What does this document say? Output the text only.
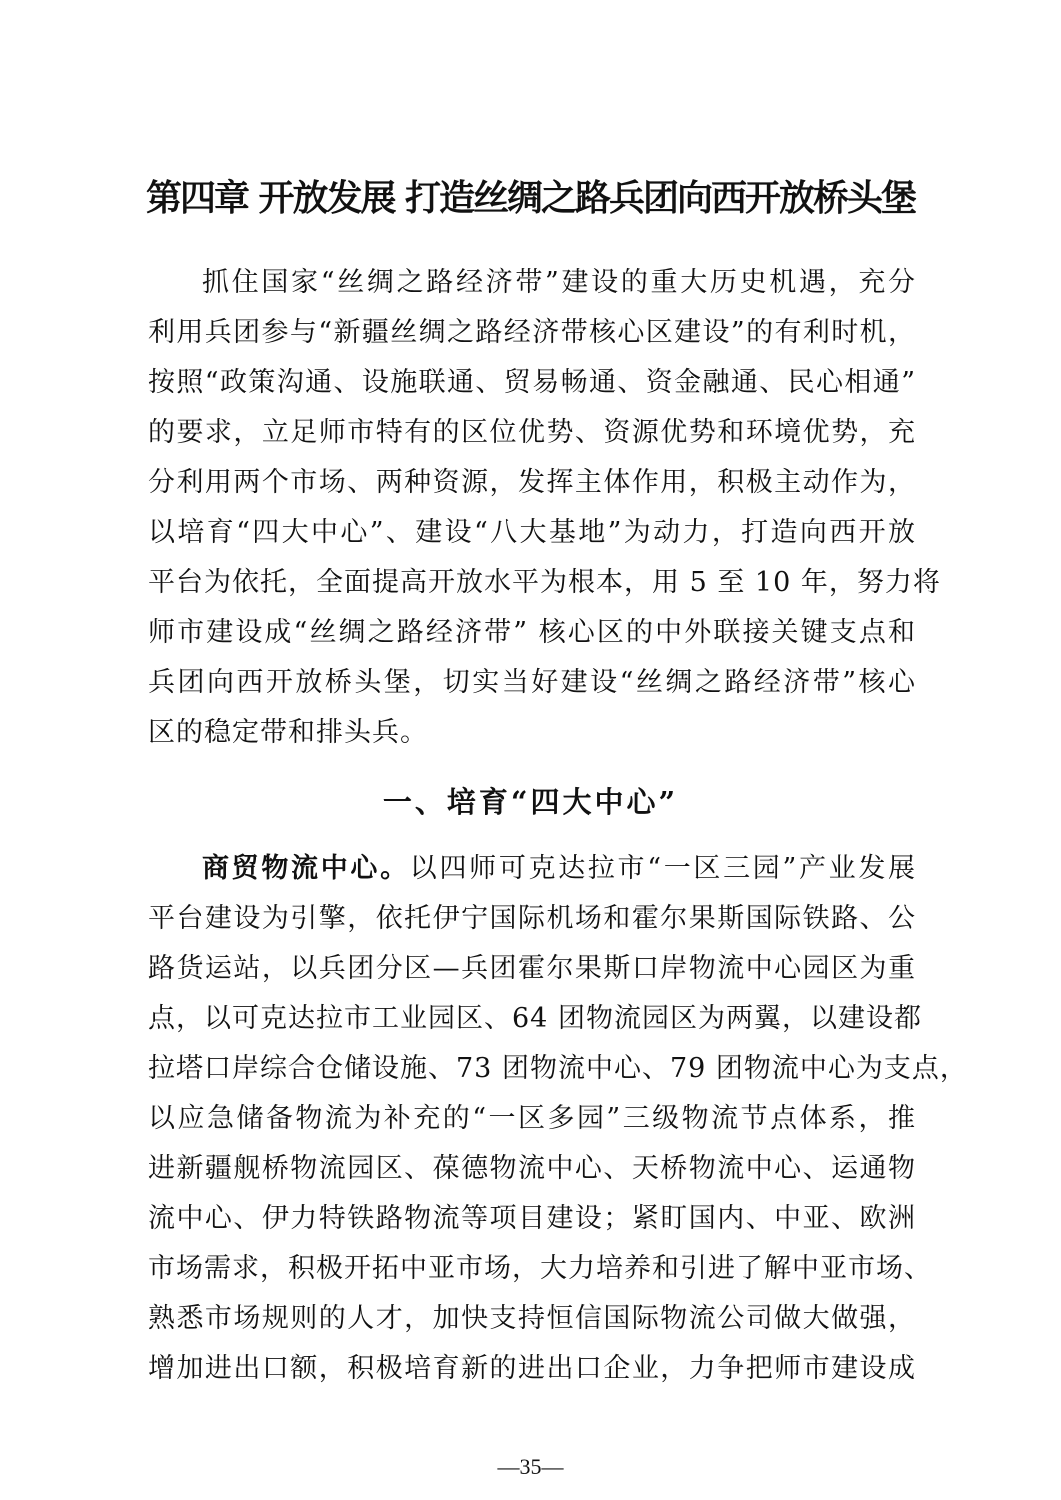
第四章 开放发展 打造丝绸之路兵团向西开放桥头堡
抓住国家“丝绸之路经济带”建设的重大历史机遇，充分
利用兵团参与“新疆丝绸之路经济带核心区建设”的有利时机，
按照“政策沟通、设施联通、贸易畅通、资金融通、民心相通”
的要求，立足师市特有的区位优势、资源优势和环境优势，充
分利用两个市场、两种资源，发挥主体作用，积极主动作为，
以培育“四大中心”、建设“八大基地”为动力，打造向西开放
平台为依托，全面提高开放水平为根本，用 5 至 10 年，努力将
师市建设成“丝绸之路经济带” 核心区的中外联接关键支点和
兵团向西开放桥头堡，切实当好建设“丝绸之路经济带”核心
区的稳定带和排头兵。
一、培育“四大中心”
商贸物流中心。以四师可克达拉市“一区三园”产业发展
平台建设为引擎，依托伊宁国际机场和霍尔果斯国际铁路、公
路货运站，以兵团分区—兵团霍尔果斯口岸物流中心园区为重
点，以可克达拉市工业园区、64 团物流园区为两翼，以建设都
拉塔口岸综合仓储设施、73 团物流中心、79 团物流中心为支点，
以应急储备物流为补充的“一区多园”三级物流节点体系，推
进新疆舰桥物流园区、葆德物流中心、天桥物流中心、运通物
流中心、伊力特铁路物流等项目建设；紧盯国内、中亚、欧洲
市场需求，积极开拓中亚市场，大力培养和引进了解中亚市场、
熟悉市场规则的人才，加快支持恒信国际物流公司做大做强，
增加进出口额，积极培育新的进出口企业，力争把师市建设成
—35—
